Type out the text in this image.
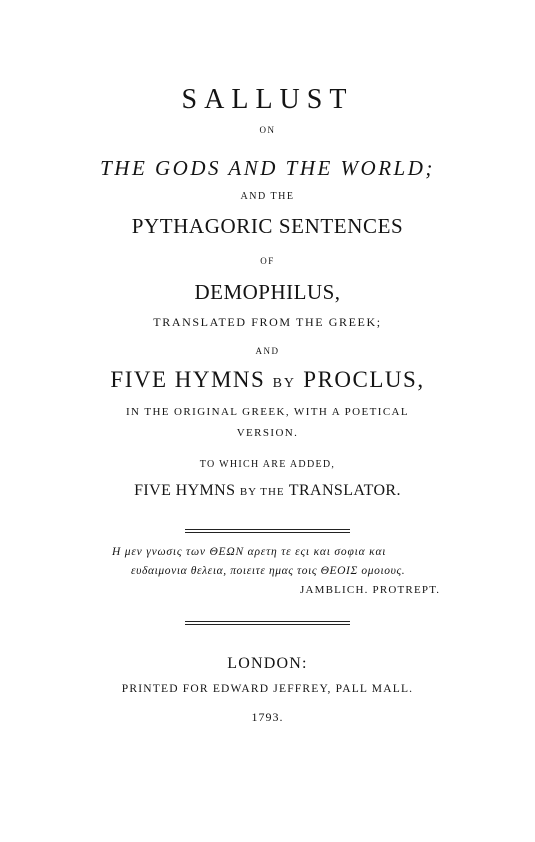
SALLUST
ON
THE GODS AND THE WORLD;
AND THE
PYTHAGORIC SENTENCES
OF
DEMOPHILUS,
TRANSLATED FROM THE GREEK;
AND
FIVE HYMNS BY PROCLUS,
IN THE ORIGINAL GREEK, WITH A POETICAL
VERSION.
TO WHICH ARE ADDED,
FIVE HYMNS BY THE TRANSLATOR.
Η μεν γνωσις των ΘΕΩΝ αρετη τε εςι και σοφια και
ευδαιμονια θελεια, ποιειτε ημας τοις ΘΕΟΙΣ ομοιους.
JAMBLICH. PROTREPT.
LONDON:
PRINTED FOR EDWARD JEFFREY, PALL MALL.
1793.
